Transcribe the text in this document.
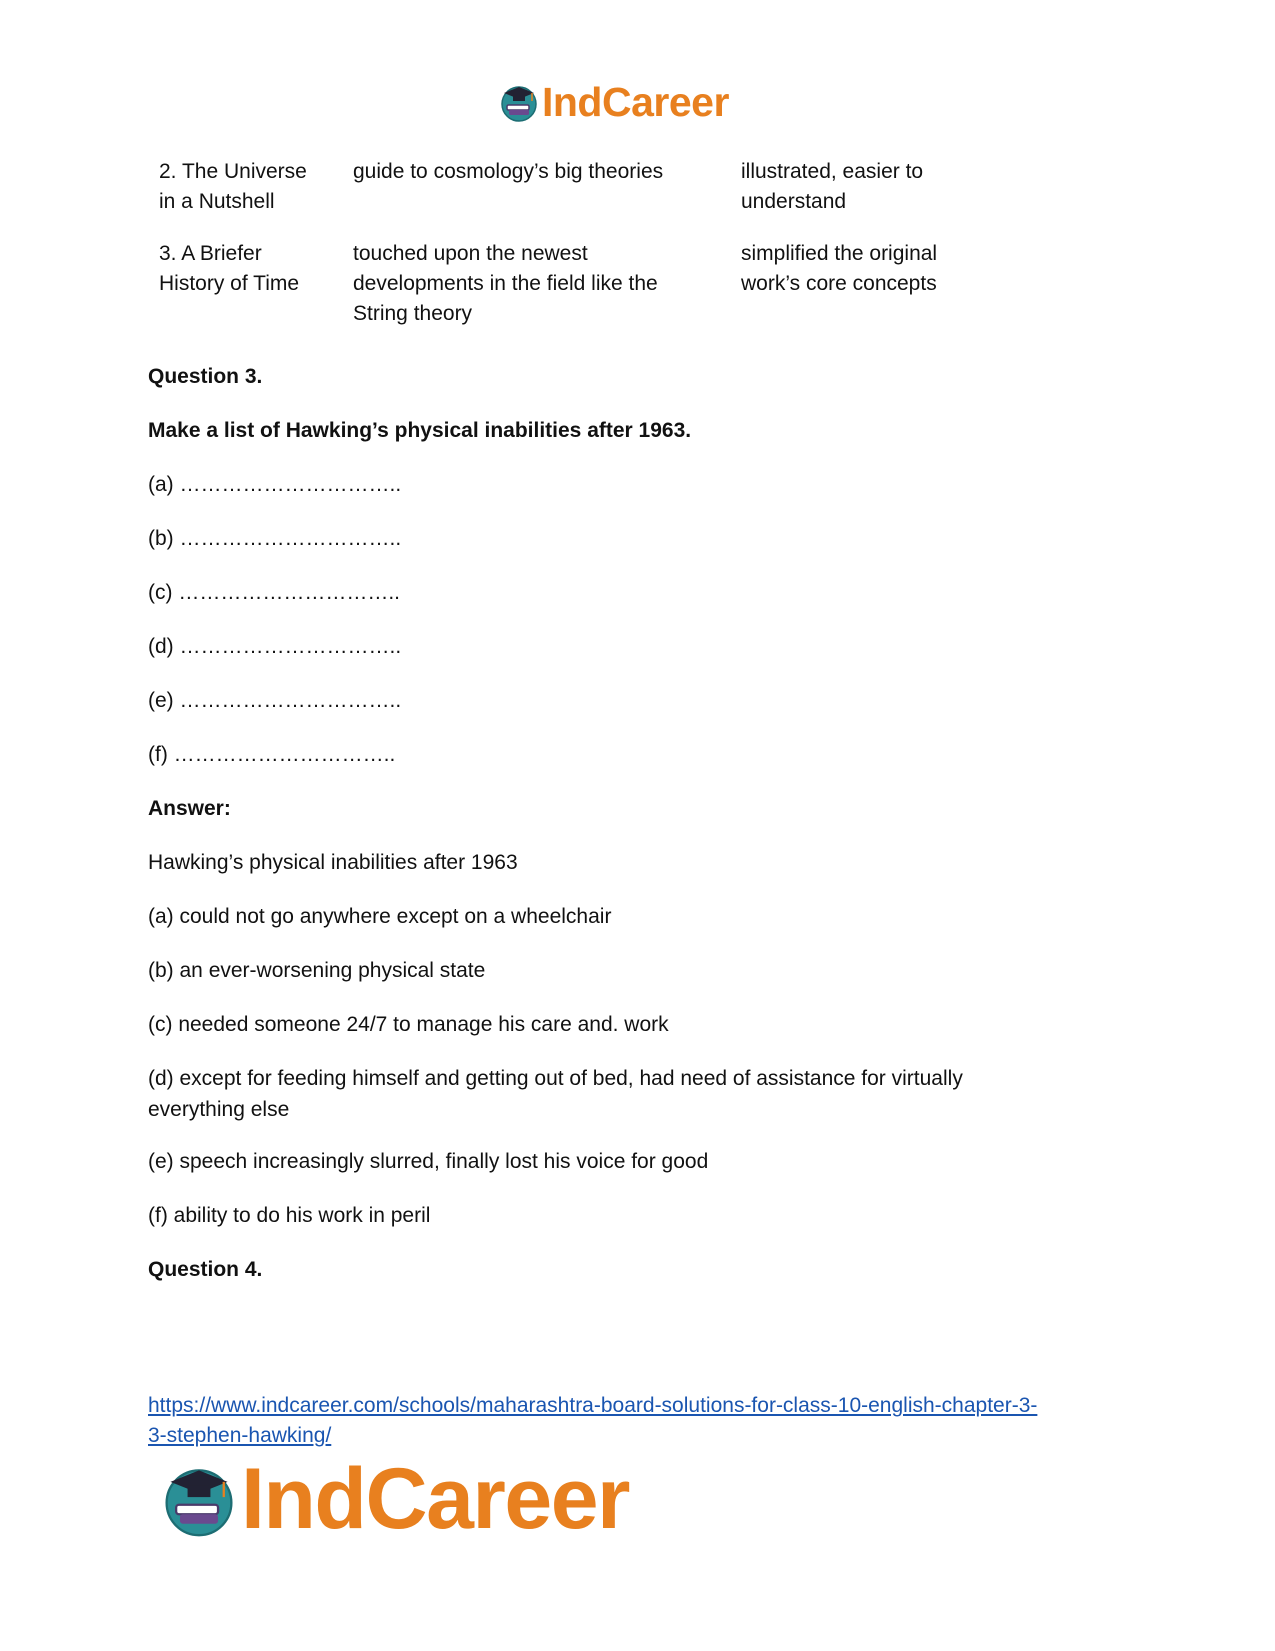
IndCareer
2. The Universe
in a Nutshell
guide to cosmology’s big theories	illustrated, easier to
understand
3. A Briefer
History of Time
touched upon the newest
developments in the field like the
String theory
simplified the original
work’s core concepts
Question 3.
Make a list of Hawking’s physical inabilities after 1963.
(a) …………………………..
(b) …………………………..
(c) …………………………..
(d) …………………………..
(e) …………………………..
(f) …………………………..
Answer:
Hawking’s physical inabilities after 1963
(a) could not go anywhere except on a wheelchair
(b) an ever-worsening physical state
(c) needed someone 24/7 to manage his care and. work
(d) except for feeding himself and getting out of bed, had need of assistance for virtually everything else
(e) speech increasingly slurred, finally lost his voice for good
(f) ability to do his work in peril
Question 4.
https://www.indcareer.com/schools/maharashtra-board-solutions-for-class-10-english-chapter-3-
3-stephen-hawking/
IndCareer
